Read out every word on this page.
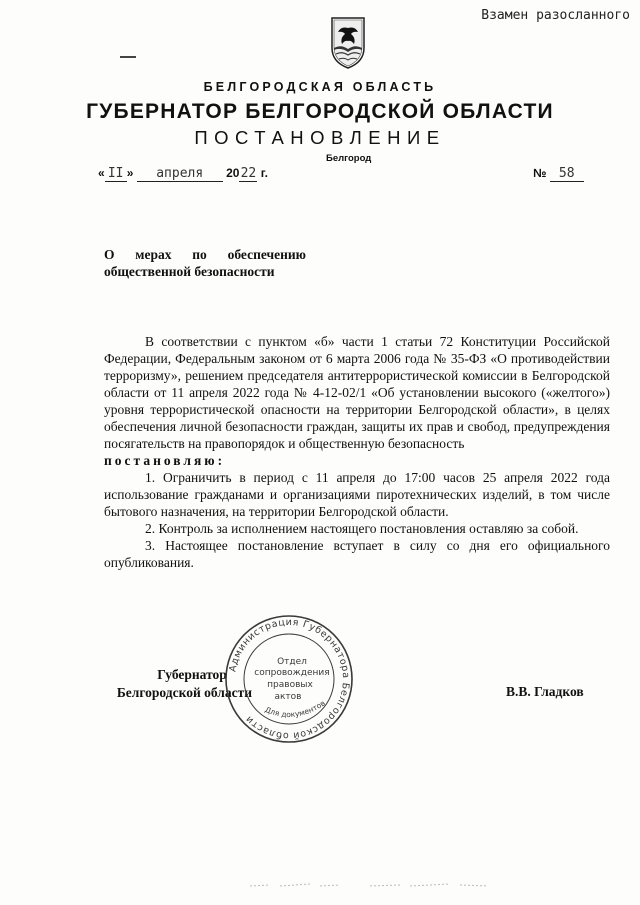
Взамен разосланного
БЕЛГОРОДСКАЯ ОБЛАСТЬ
ГУБЕРНАТОР БЕЛГОРОДСКОЙ ОБЛАСТИ
ПОСТАНОВЛЕНИЕ
Белгород
« II » апреля 2022 г.	№ 58
О мерах по обеспечению
общественной безопасности

В соответствии с пунктом «б» части 1 статьи 72 Конституции Российской Федерации, Федеральным законом от 6 марта 2006 года № 35-ФЗ «О противодействии терроризму», решением председателя антитеррористической комиссии в Белгородской области от 11 апреля 2022 года № 4-12-02/1 «Об установлении высокого («желтого») уровня террористической опасности на территории Белгородской области», в целях обеспечения личной безопасности граждан, защиты их прав и свобод, предупреждения посягательств на правопорядок и общественную безопасность

постановляю:

1. Ограничить в период с 11 апреля до 17:00 часов 25 апреля 2022 года использование гражданами и организациями пиротехнических изделий, в том числе бытового назначения, на территории Белгородской области.

2. Контроль за исполнением настоящего постановления оставляю за собой.

3. Настоящее постановление вступает в силу со дня его официального опубликования.

Губернатор
Белгородской области
Администрация Губернатора Белгородской области
Отдел
сопровождения
правовых
актов
Для документов
В.В. Гладков
